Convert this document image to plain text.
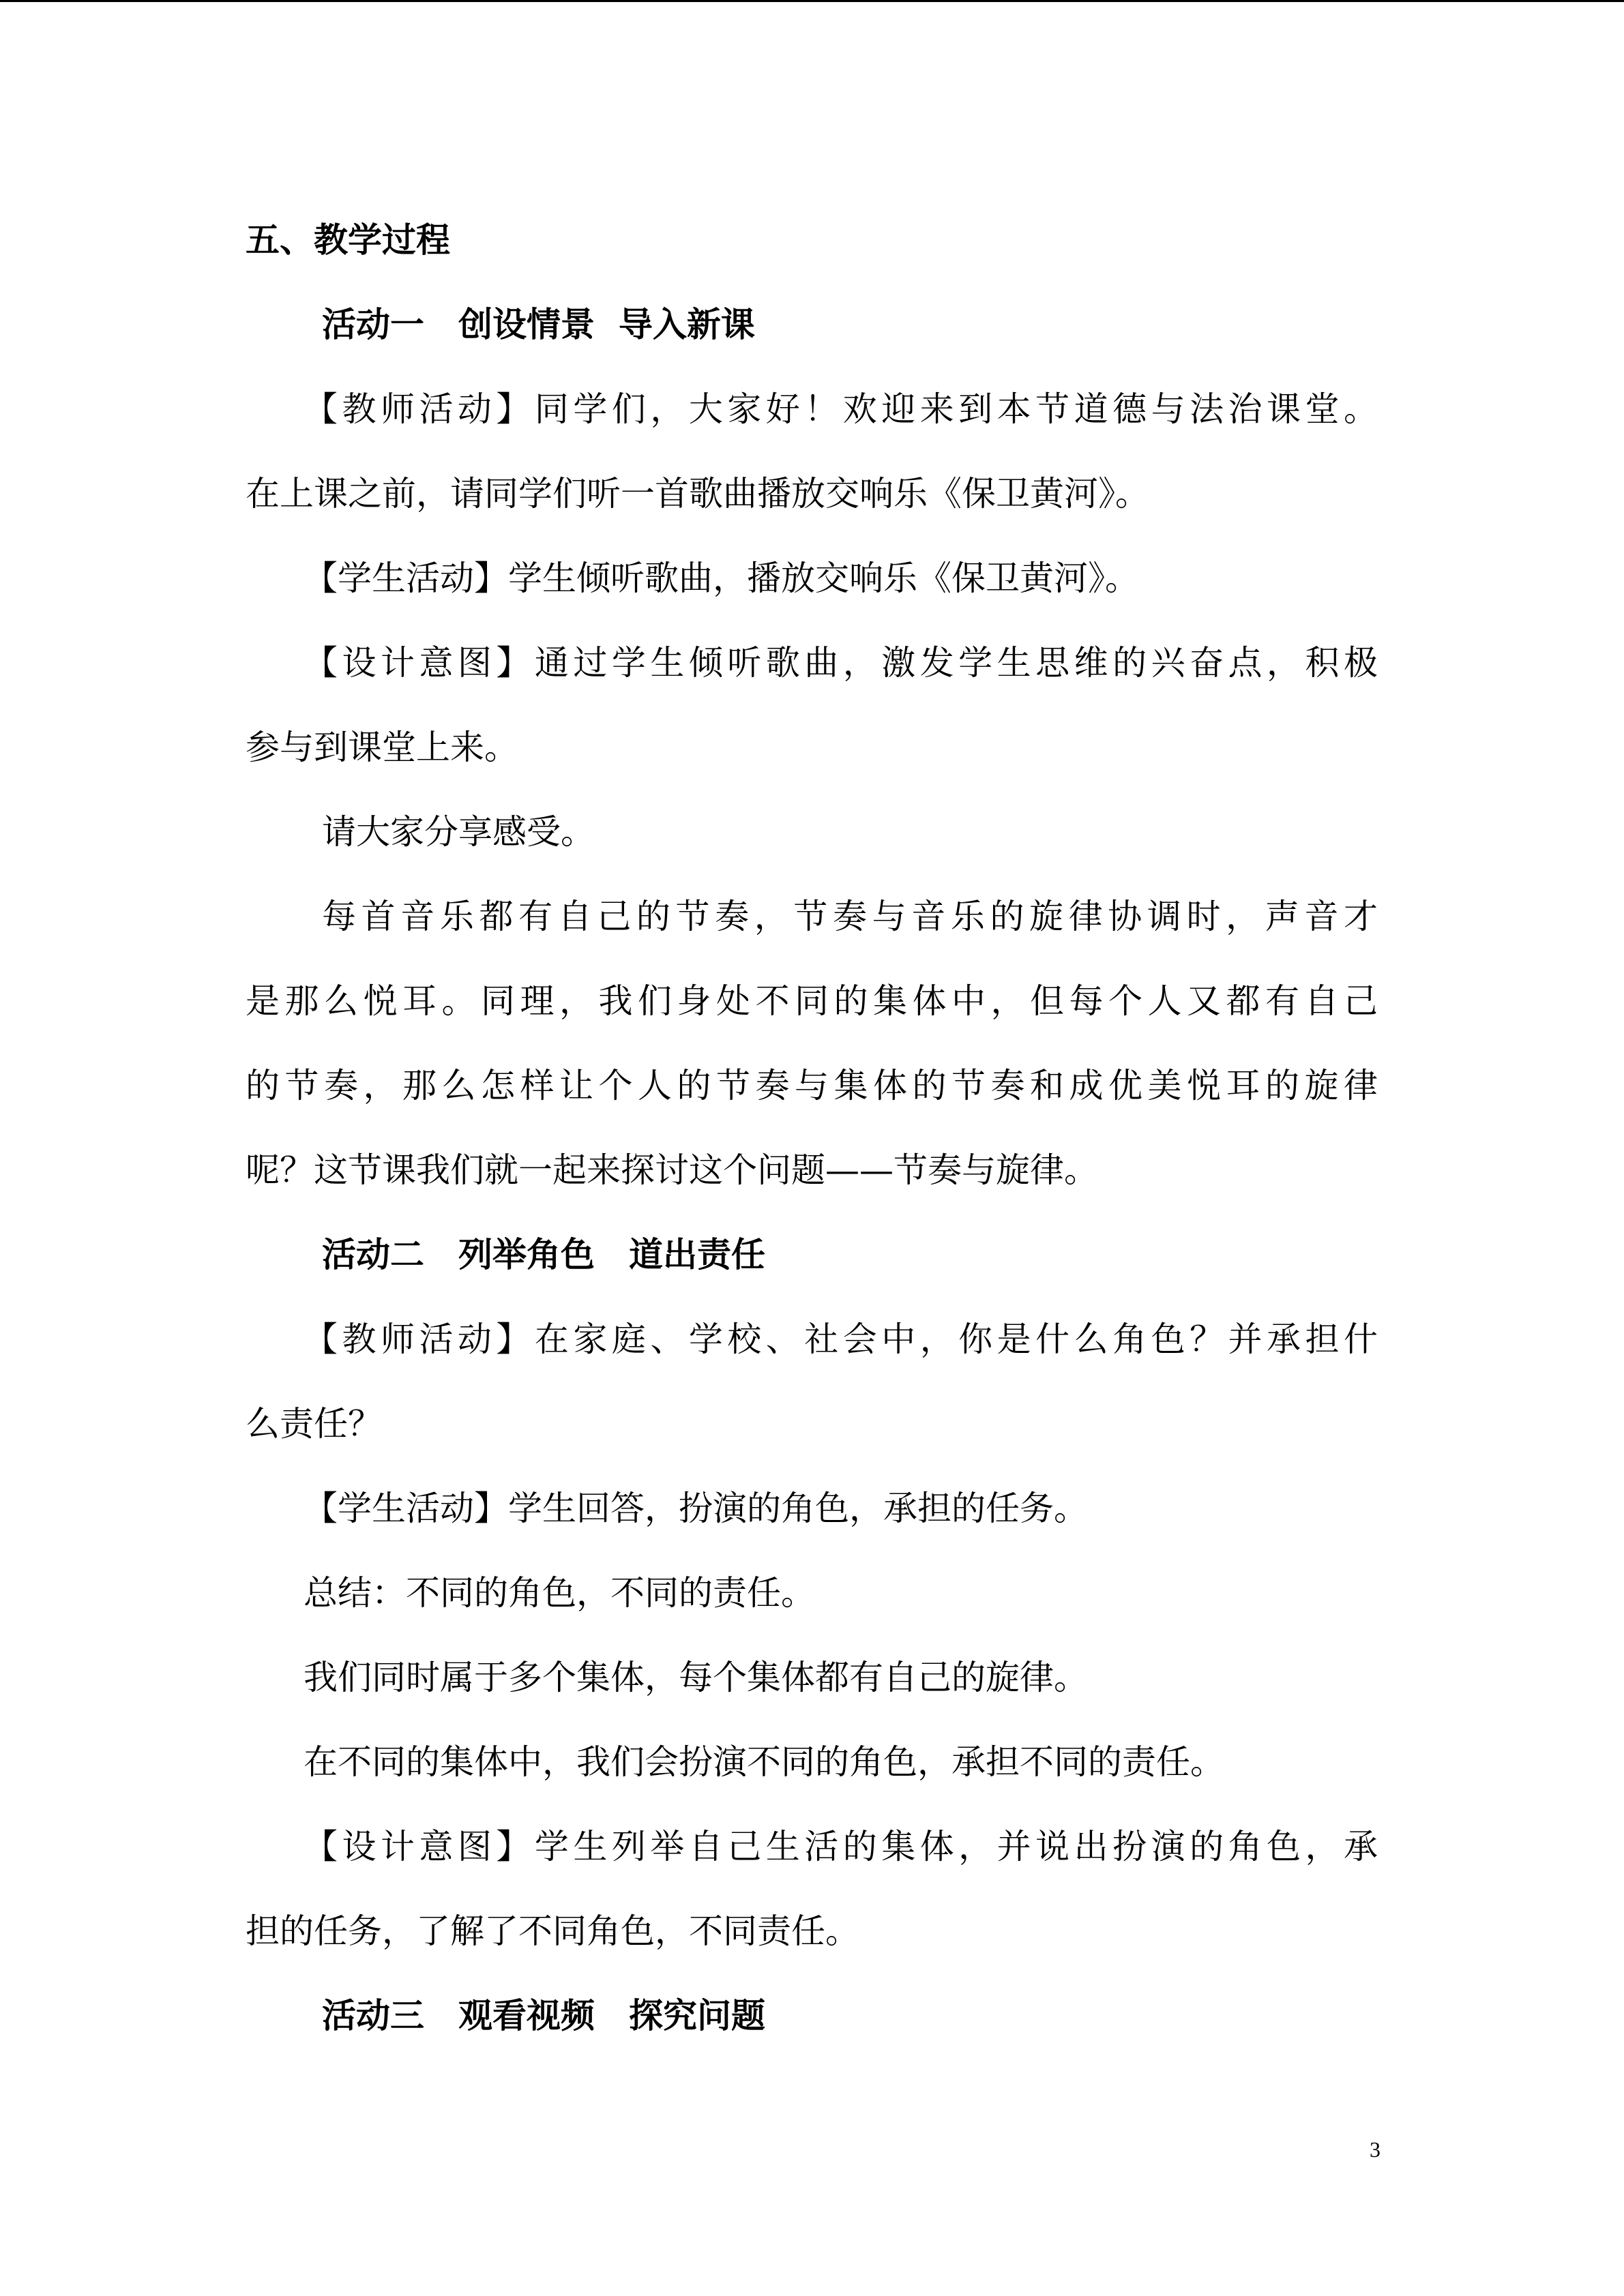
五、教学过程
活动一　创设情景  导入新课
【教师活动】同学们，大家好！欢迎来到本节道德与法治课堂。
在上课之前，请同学们听一首歌曲播放交响乐《保卫黄河》。
【学生活动】学生倾听歌曲，播放交响乐《保卫黄河》。
【设计意图】通过学生倾听歌曲，激发学生思维的兴奋点，积极
参与到课堂上来。
请大家分享感受。
每首音乐都有自己的节奏，节奏与音乐的旋律协调时，声音才
是那么悦耳。同理，我们身处不同的集体中，但每个人又都有自己
的节奏，那么怎样让个人的节奏与集体的节奏和成优美悦耳的旋律
呢？这节课我们就一起来探讨这个问题——节奏与旋律。
活动二　列举角色　道出责任
【教师活动】在家庭、学校、社会中，你是什么角色？并承担什
么责任？
【学生活动】学生回答，扮演的角色，承担的任务。
总结：不同的角色，不同的责任。
我们同时属于多个集体，每个集体都有自己的旋律。
在不同的集体中，我们会扮演不同的角色，承担不同的责任。
【设计意图】学生列举自己生活的集体，并说出扮演的角色，承
担的任务，了解了不同角色，不同责任。
活动三　观看视频　探究问题
3
